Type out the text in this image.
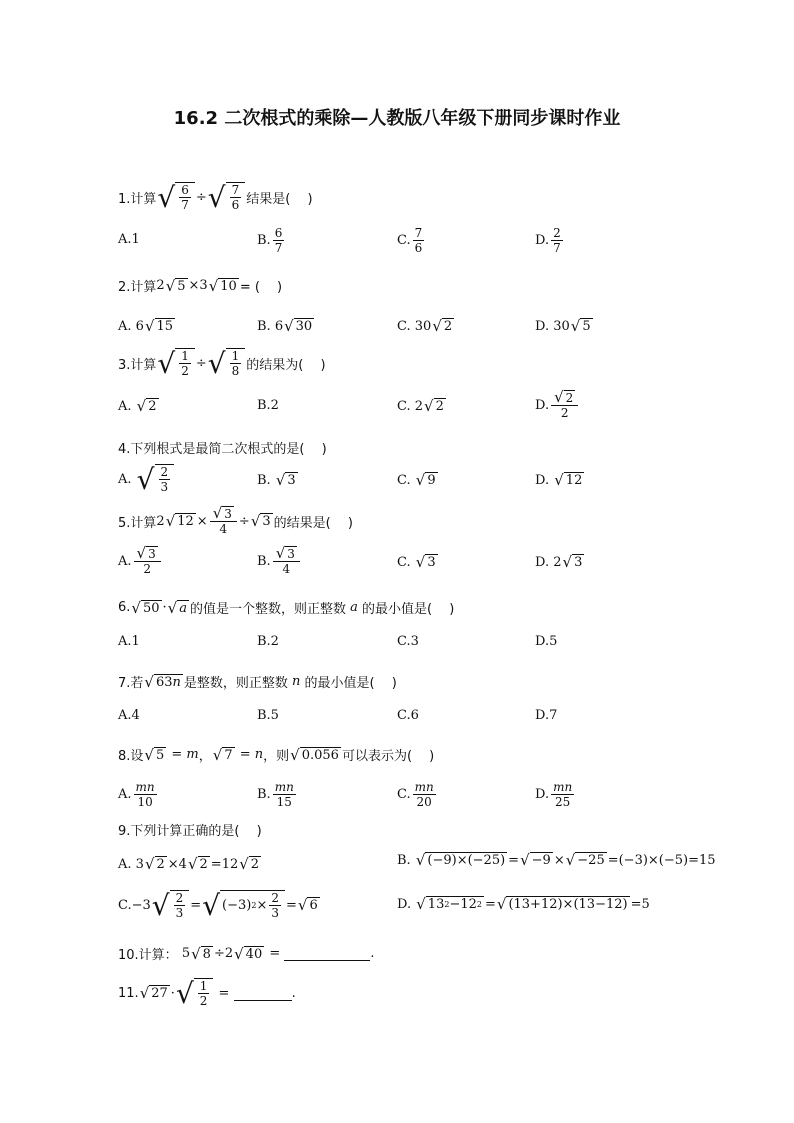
16.2 二次根式的乘除—人教版八年级下册同步课时作业
1.计算 √ $\frac{6}{7}$ ÷ √ $\frac{7}{6}$ 结果是(　 )
A.1	B. $\frac{6}{7}$	C. $\frac{7}{6}$	D. $\frac{2}{7}$
2.计算 2 √ 5 ×3 √ 10 = (　 )
A. 6 √ 15	B. 6 √ 30	C. 30 √ 2	D. 30 √ 5
3.计算 √ $\frac{1}{2}$ ÷ √ $\frac{1}{8}$ 的结果为(　 )
A.
√ 2	B.2	C. 2 √ 2	D. $\frac{√ 2}{2}$
4.下列根式是最简二次根式的是(　 )
A.
√ $\frac{2}{3}$	B.
√ 3	C.
√ 9	D.
√ 12
5.计算 2 √ $12 \times \frac{√ 3}{4}$ ÷ √ 3 的结果是(　 )
A. $\frac{√ 3}{2}$	B. $\frac{√ 3}{4}$	C.
√ 3	D. 2 √ 3
6. √ 50 · √ a 的值是一个整数，则正整数 a 的最小值是(　 )
A.1	B.2	C.3	D.5
7.若 √ 63 n 是整数，则正整数 n 的最小值是(　 )
A.4	B.5	C.6	D.7
8.设 √ 5 = m ， √ 7 = n ，则 √ 0.056 可以表示为(　 )
A. $\frac{mn}{10}$	B. $\frac{mn}{15}$	C. $\frac{mn}{20}$	D. $\frac{mn}{25}$
9.下列计算正确的是(　 )
A. 3 √ 2 ×4 √ 2 =12 √ 2	B.
√ (−9)×(−25) = √ −9 × √ −25 =(−3)×(−5)=15
C. −3 √ $\frac{2}{3}$ = √ (−3) $2 \times \frac{2}{3}$ = √ 6	D.
√ 13 2 −12 2 = √ (13+12)×(13−12) =5
10.计算： 5 √ 8 ÷2 √ 40 =	.
11. √ 27 · √ $\frac{1}{2}$ =	.
